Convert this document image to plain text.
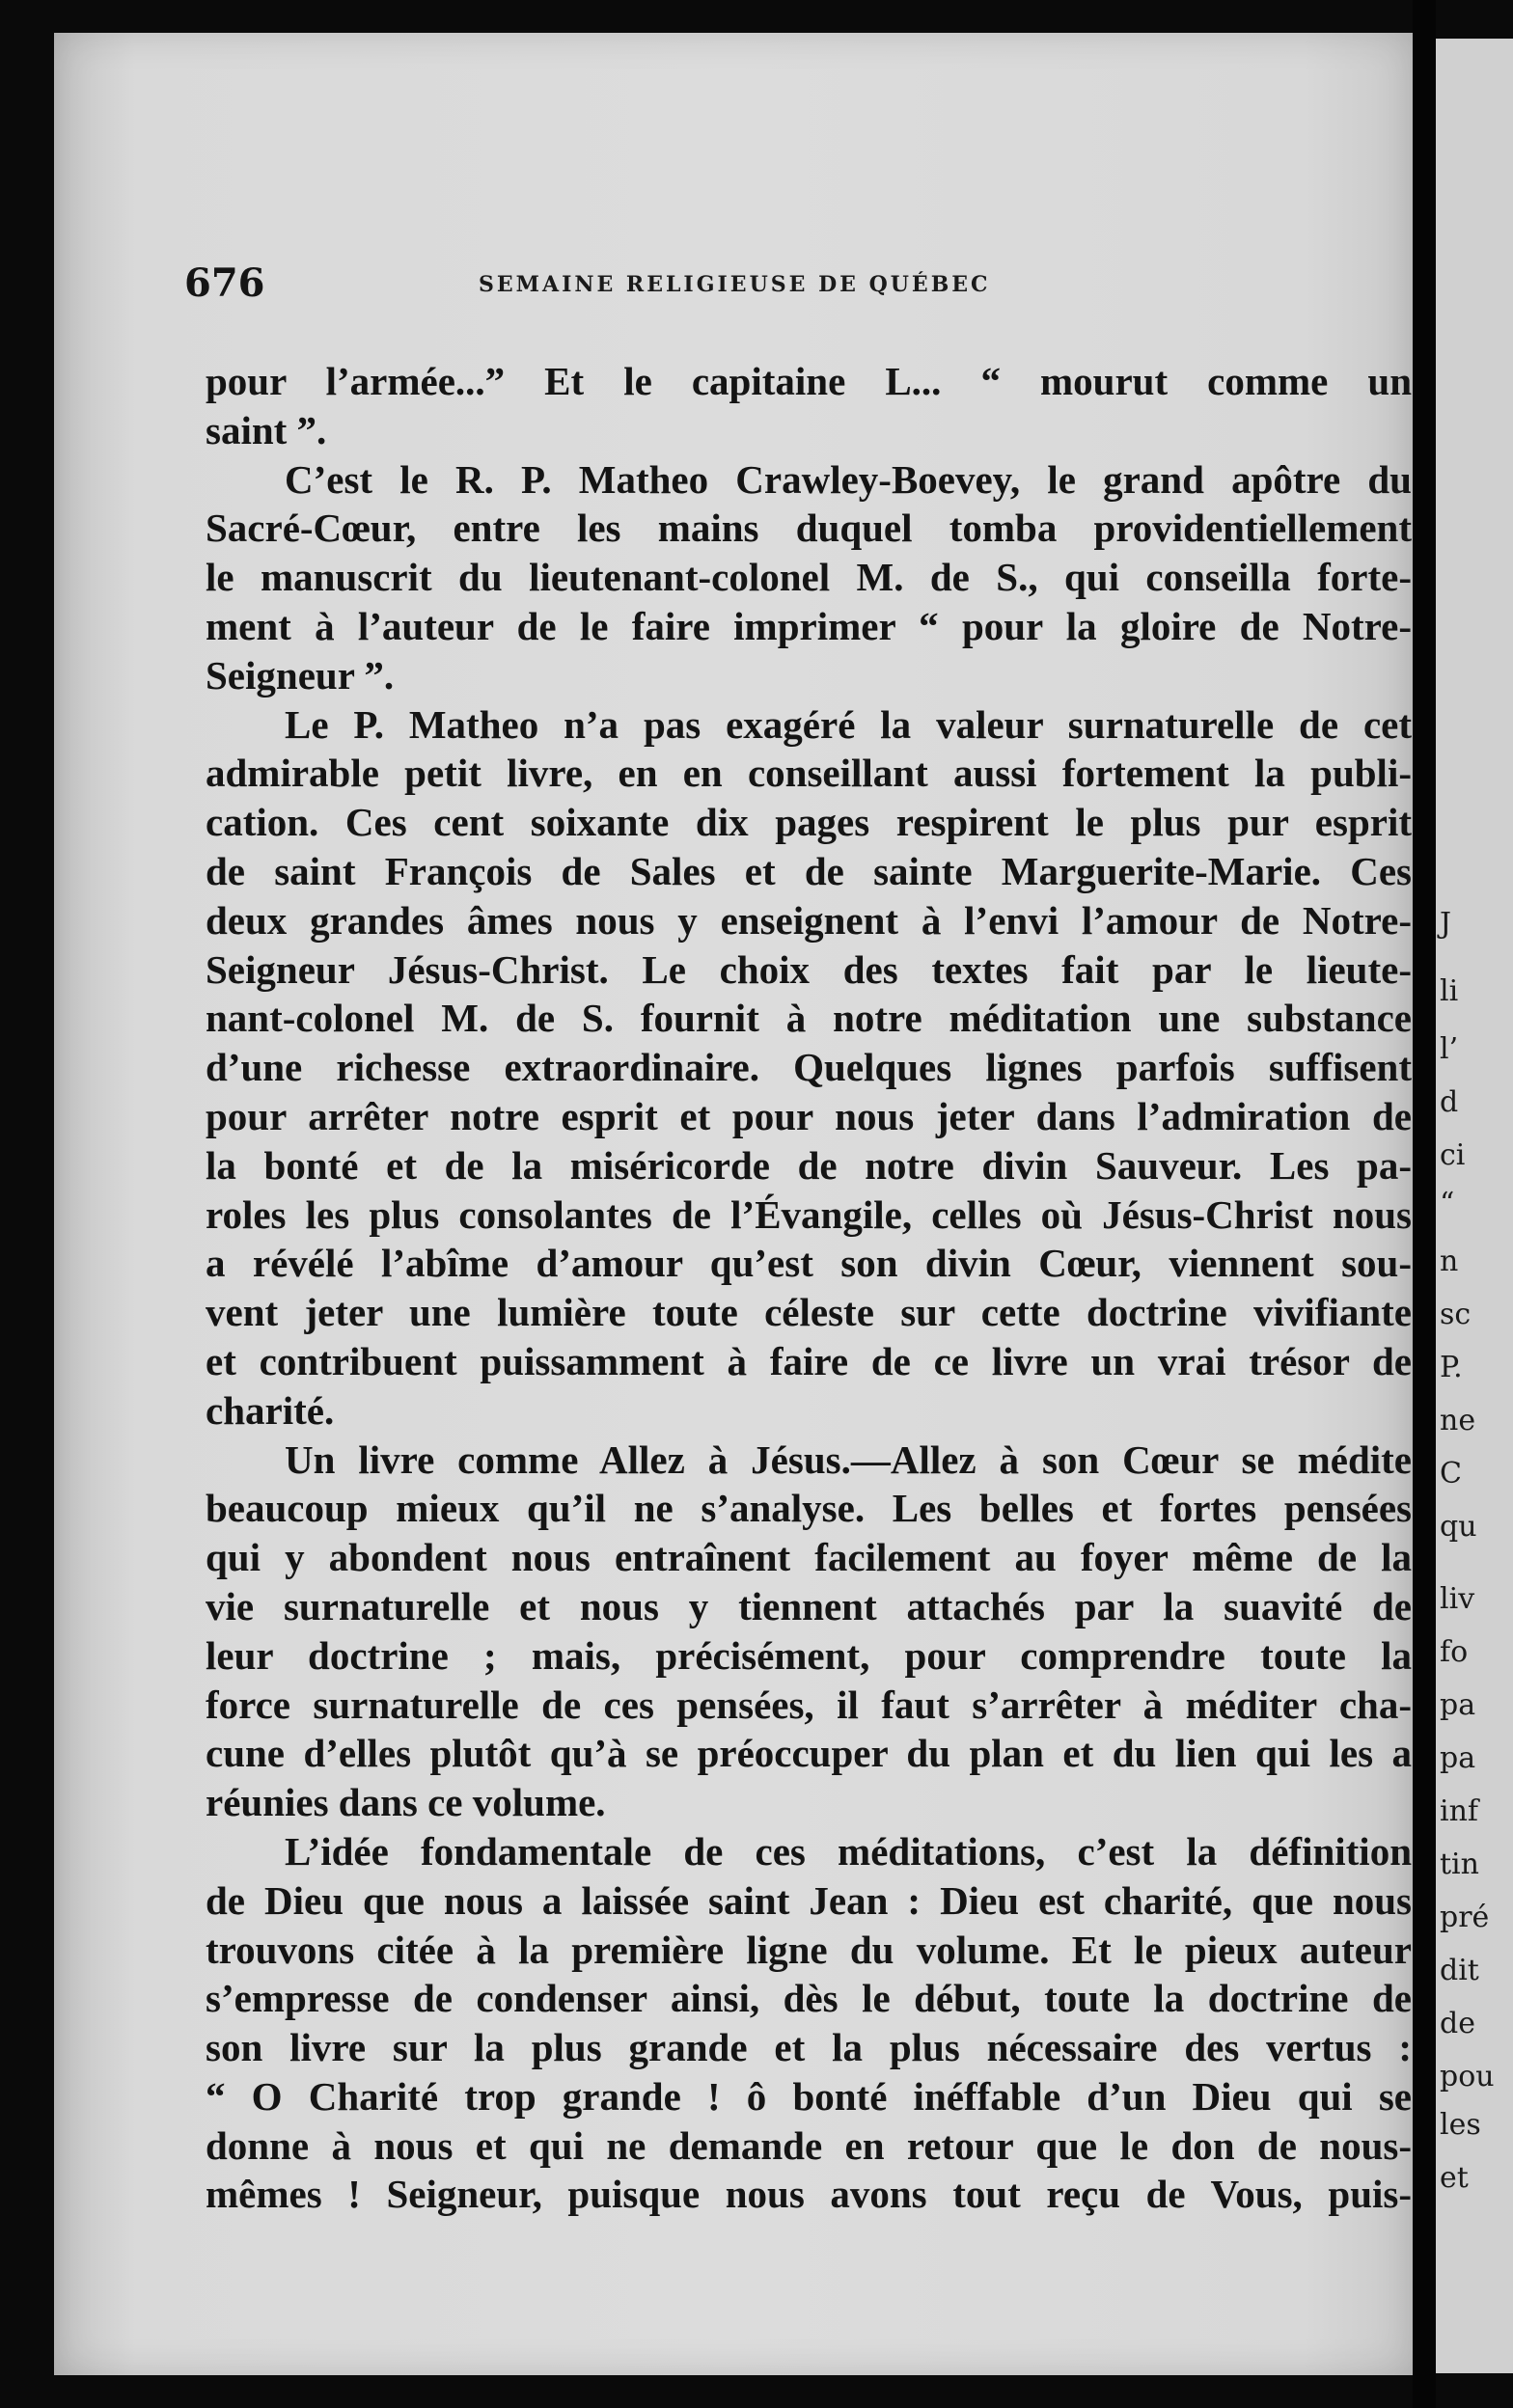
676	SEMAINE RELIGIEUSE DE QUÉBEC

pour l’armée...” Et le capitaine L... “ mourut comme un

saint ”.

C’est le R. P. Matheo Crawley-Boevey, le grand apôtre du

Sacré-Cœur, entre les mains duquel tomba providentiellement

le manuscrit du lieutenant-colonel M. de S., qui conseilla forte-

ment à l’auteur de le faire imprimer “ pour la gloire de Notre-

Seigneur ”.

Le P. Matheo n’a pas exagéré la valeur surnaturelle de cet

admirable petit livre, en en conseillant aussi fortement la publi-

cation. Ces cent soixante dix pages respirent le plus pur esprit

de saint François de Sales et de sainte Marguerite-Marie. Ces

deux grandes âmes nous y enseignent à l’envi l’amour de Notre-

Seigneur Jésus-Christ. Le choix des textes fait par le lieute-

nant-colonel M. de S. fournit à notre méditation une substance

d’une richesse extraordinaire. Quelques lignes parfois suffisent

pour arrêter notre esprit et pour nous jeter dans l’admiration de

la bonté et de la miséricorde de notre divin Sauveur. Les pa-

roles les plus consolantes de l’Évangile, celles où Jésus-Christ nous

a révélé l’abîme d’amour qu’est son divin Cœur, viennent sou-

vent jeter une lumière toute céleste sur cette doctrine vivifiante

et contribuent puissamment à faire de ce livre un vrai trésor de

charité.

Un livre comme Allez à Jésus.—Allez à son Cœur se médite

beaucoup mieux qu’il ne s’analyse. Les belles et fortes pensées

qui y abondent nous entraînent facilement au foyer même de la

vie surnaturelle et nous y tiennent attachés par la suavité de

leur doctrine ; mais, précisément, pour comprendre toute la

force surnaturelle de ces pensées, il faut s’arrêter à méditer cha-

cune d’elles plutôt qu’à se préoccuper du plan et du lien qui les a

réunies dans ce volume.

L’idée fondamentale de ces méditations, c’est la définition

de Dieu que nous a laissée saint Jean : Dieu est charité, que nous

trouvons citée à la première ligne du volume. Et le pieux auteur

s’empresse de condenser ainsi, dès le début, toute la doctrine de

son livre sur la plus grande et la plus nécessaire des vertus :

“ O Charité trop grande ! ô bonté inéffable d’un Dieu qui se

donne à nous et qui ne demande en retour que le don de nous-

mêmes ! Seigneur, puisque nous avons tout reçu de Vous, puis-

J
li
l’
d
ci
“
n
sc
P.
ne
C
qu
liv
fo
pa
pa
inf
tin
pré
dit
de
pou
les
et
